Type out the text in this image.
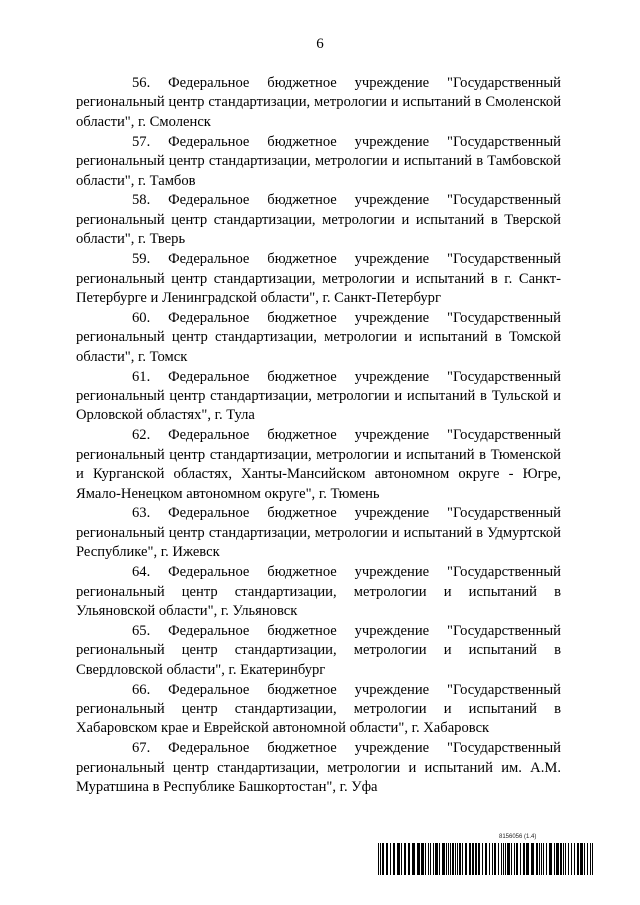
6

56. Федеральное бюджетное учреждение "Государственный региональный центр стандартизации, метрологии и испытаний в Смоленской области", г. Смоленск

57. Федеральное бюджетное учреждение "Государственный региональный центр стандартизации, метрологии и испытаний в Тамбовской области", г. Тамбов

58. Федеральное бюджетное учреждение "Государственный региональный центр стандартизации, метрологии и испытаний в Тверской области", г. Тверь

59. Федеральное бюджетное учреждение "Государственный региональный центр стандартизации, метрологии и испытаний в г. Санкт-Петербурге и Ленинградской области", г. Санкт-Петербург

60. Федеральное бюджетное учреждение "Государственный региональный центр стандартизации, метрологии и испытаний в Томской области", г. Томск

61. Федеральное бюджетное учреждение "Государственный региональный центр стандартизации, метрологии и испытаний в Тульской и Орловской областях", г. Тула

62. Федеральное бюджетное учреждение "Государственный региональный центр стандартизации, метрологии и испытаний в Тюменской и Курганской областях, Ханты-Мансийском автономном округе - Югре, Ямало-Ненецком автономном округе", г. Тюмень

63. Федеральное бюджетное учреждение "Государственный региональный центр стандартизации, метрологии и испытаний в Удмуртской Республике", г. Ижевск

64. Федеральное бюджетное учреждение "Государственный региональный центр стандартизации, метрологии и испытаний в Ульяновской области", г. Ульяновск

65. Федеральное бюджетное учреждение "Государственный региональный центр стандартизации, метрологии и испытаний в Свердловской области", г. Екатеринбург

66. Федеральное бюджетное учреждение "Государственный региональный центр стандартизации, метрологии и испытаний в Хабаровском крае и Еврейской автономной области", г. Хабаровск

67. Федеральное бюджетное учреждение "Государственный региональный центр стандартизации, метрологии и испытаний им. А.М. Муратшина в Республике Башкортостан", г. Уфа

8156056 (1.4)
